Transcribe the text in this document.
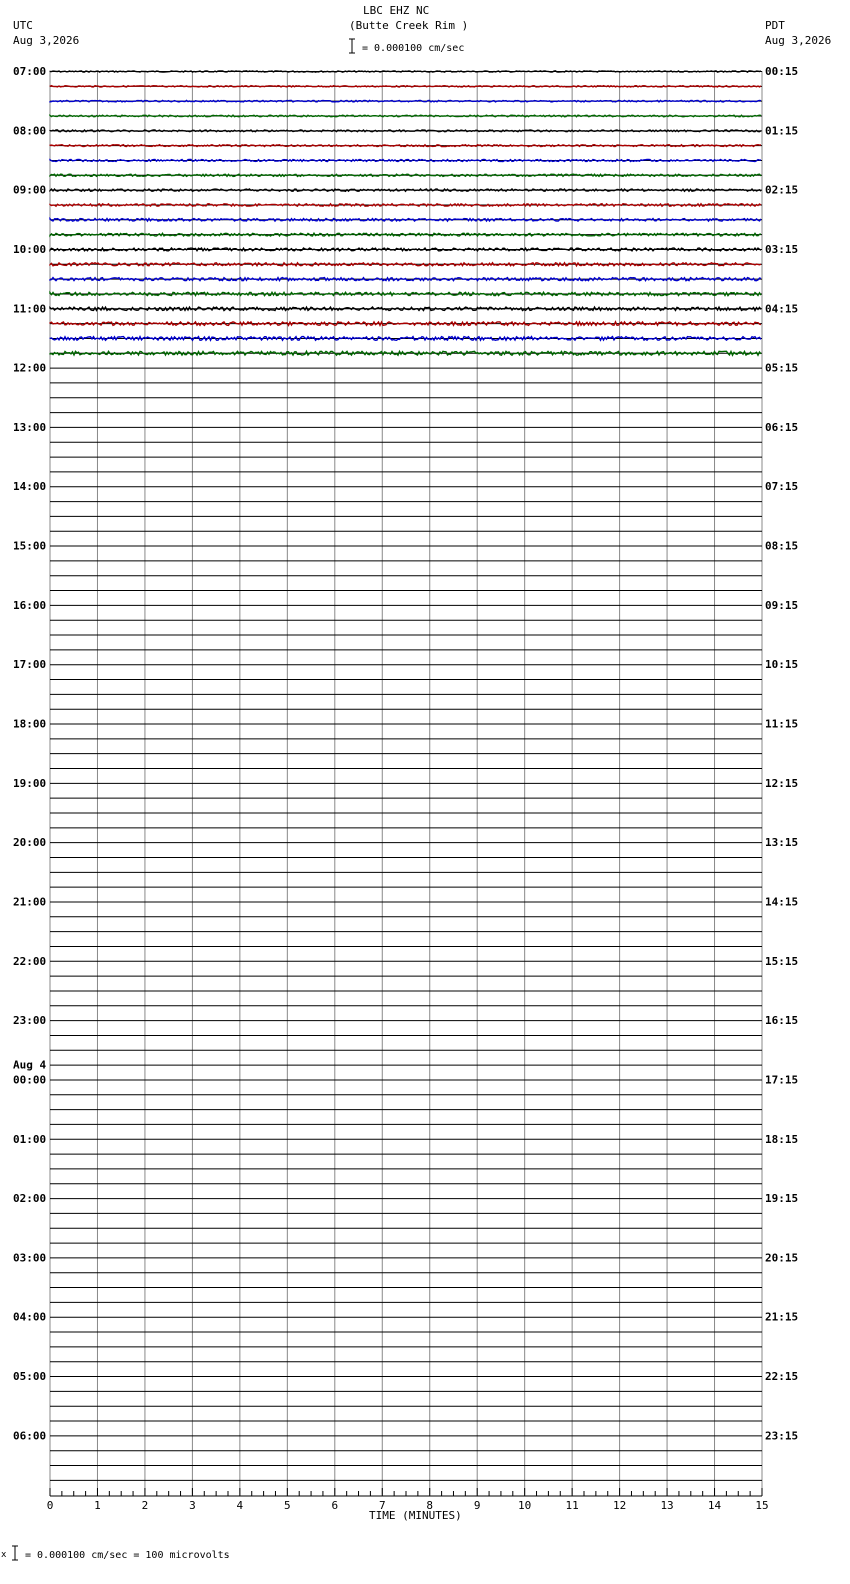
UTC
Aug 3,2026
LBC EHZ NC
(Butte Creek Rim )	PDT
Aug 3,2026
= 0.000100 cm/sec
07:00
08:00
09:00
10:00
11:00
12:00
13:00
14:00
15:00
16:00
17:00
18:00
19:00
20:00
21:00
22:00
23:00
00:00
01:00
02:00
03:00
04:00
05:00
06:00
Aug 4
00:15
01:15
02:15
03:15
04:15
05:15
06:15
07:15
08:15
09:15
10:15
11:15
12:15
13:15
14:15
15:15
16:15
17:15
18:15
19:15
20:15
21:15
22:15
23:15
0	1	2	3	4	5	6	7	8	9	10	11	12	13	14	15
TIME (MINUTES)
x = 0.000100 cm/sec = 100 microvolts
